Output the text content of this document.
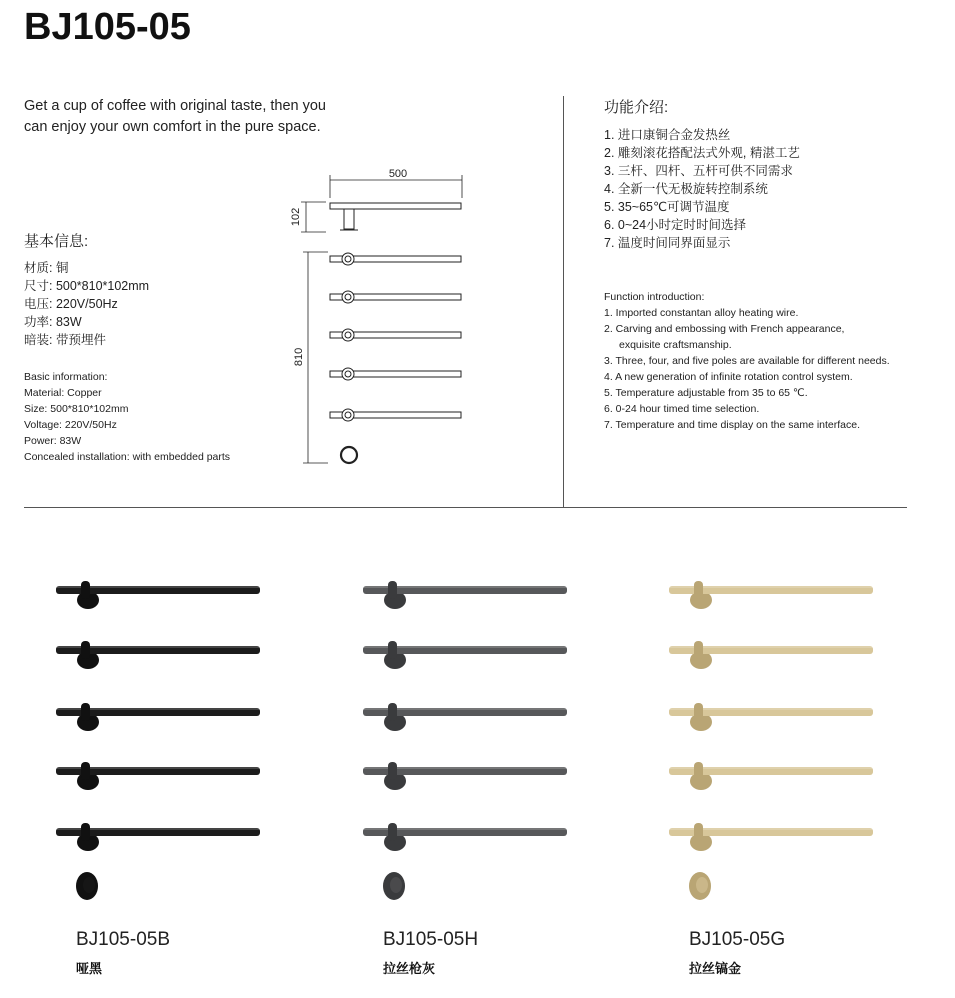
BJ105-05
Get a cup of coffee with original taste, then you
can enjoy your own comfort in the pure space.
基本信息:
材质: 铜
尺寸: 500*810*102mm
电压: 220V/50Hz
功率: 83W
暗装: 带预埋件
Basic information:
Material: Copper
Size: 500*810*102mm
Voltage: 220V/50Hz
Power: 83W
Concealed installation: with embedded parts
500
102
810
功能介绍:
1. 进口康铜合金发热丝
2. 雕刻滚花搭配法式外观, 精湛工艺
3. 三杆、四杆、五杆可供不同需求
4. 全新一代无极旋转控制系统
5. 35~65℃可调节温度
6. 0~24小时定时时间选择
7. 温度时间同界面显示
Function introduction:
1. Imported constantan alloy heating wire.
2. Carving and embossing with French appearance,
exquisite craftsmanship.
3. Three, four, and five poles are available for different needs.
4. A new generation of infinite rotation control system.
5. Temperature adjustable from 35 to 65 ℃.
6. 0-24 hour timed time selection.
7. Temperature and time display on the same interface.
BJ105-05B
哑黑
BJ105-05H
拉丝枪灰
BJ105-05G
拉丝镐金
